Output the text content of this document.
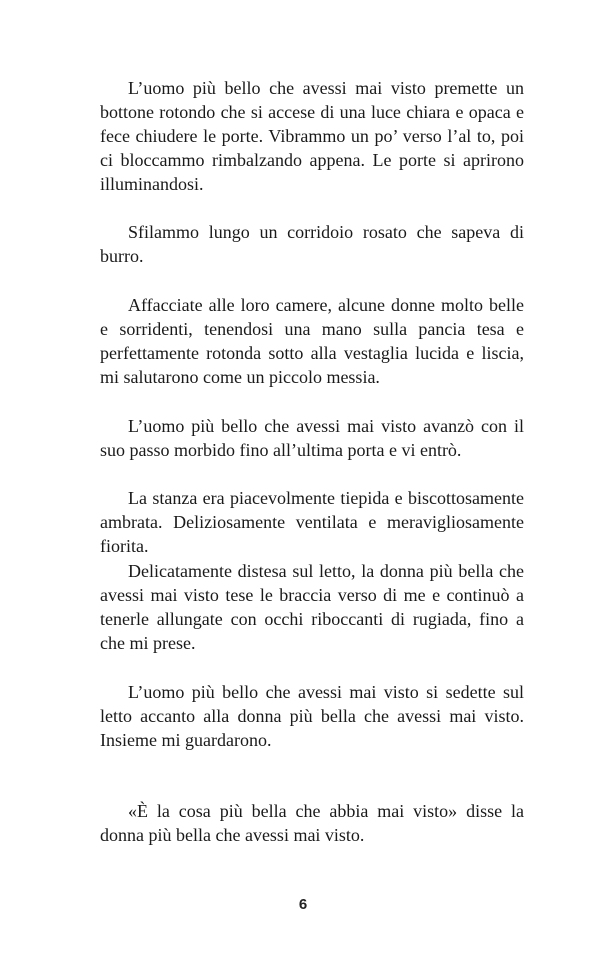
L’uomo più bello che avessi mai visto premette un bottone rotondo che si accese di una luce chiara e opaca e fece chiudere le porte. Vibrammo un po’ verso l’al to, poi ci bloccammo rimbalzando appena. Le porte si aprirono illuminandosi.

Sfilammo lungo un corridoio rosato che sapeva di burro.

Affacciate alle loro camere, alcune donne molto belle e sorridenti, tenendosi una mano sulla pancia tesa e perfettamente rotonda sotto alla vestaglia lucida e liscia, mi salutarono come un piccolo messia.

L’uomo più bello che avessi mai visto avanzò con il suo passo morbido fino all’ultima porta e vi entrò.

La stanza era piacevolmente tiepida e biscottosamente ambrata. Deliziosamente ventilata e meravigliosamente fiorita.

Delicatamente distesa sul letto, la donna più bella che avessi mai visto tese le braccia verso di me e continuò a tenerle allungate con occhi riboccanti di rugiada, fino a che mi prese.

L’uomo più bello che avessi mai visto si sedette sul letto accanto alla donna più bella che avessi mai visto. Insieme mi guardarono.

«È la cosa più bella che abbia mai visto» disse la donna più bella che avessi mai visto.

6
